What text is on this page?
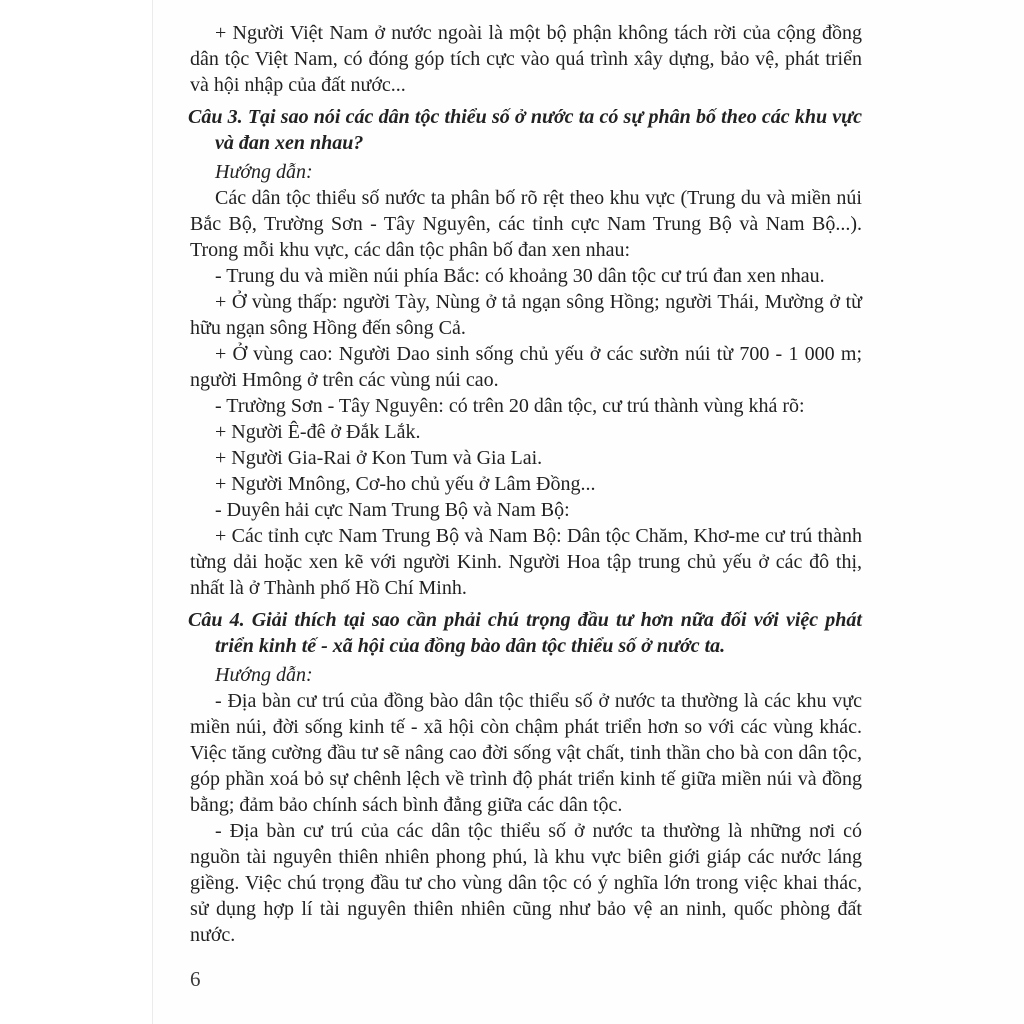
+ Người Việt Nam ở nước ngoài là một bộ phận không tách rời của cộng đồng dân tộc Việt Nam, có đóng góp tích cực vào quá trình xây dựng, bảo vệ, phát triển và hội nhập của đất nước...

Câu 3. Tại sao nói các dân tộc thiểu số ở nước ta có sự phân bố theo các khu vực và đan xen nhau?

Hướng dẫn:

Các dân tộc thiểu số nước ta phân bố rõ rệt theo khu vực (Trung du và miền núi Bắc Bộ, Trường Sơn - Tây Nguyên, các tỉnh cực Nam Trung Bộ và Nam Bộ...). Trong mỗi khu vực, các dân tộc phân bố đan xen nhau:

- Trung du và miền núi phía Bắc: có khoảng 30 dân tộc cư trú đan xen nhau.

+ Ở vùng thấp: người Tày, Nùng ở tả ngạn sông Hồng; người Thái, Mường ở từ hữu ngạn sông Hồng đến sông Cả.

+ Ở vùng cao: Người Dao sinh sống chủ yếu ở các sườn núi từ 700 - 1 000 m; người Hmông ở trên các vùng núi cao.

- Trường Sơn - Tây Nguyên: có trên 20 dân tộc, cư trú thành vùng khá rõ:

+ Người Ê-đê ở Đắk Lắk.

+ Người Gia-Rai ở Kon Tum và Gia Lai.

+ Người Mnông, Cơ-ho chủ yếu ở Lâm Đồng...

- Duyên hải cực Nam Trung Bộ và Nam Bộ:

+ Các tỉnh cực Nam Trung Bộ và Nam Bộ: Dân tộc Chăm, Khơ-me cư trú thành từng dải hoặc xen kẽ với người Kinh. Người Hoa tập trung chủ yếu ở các đô thị, nhất là ở Thành phố Hồ Chí Minh.

Câu 4. Giải thích tại sao cần phải chú trọng đầu tư hơn nữa đối với việc phát triển kinh tế - xã hội của đồng bào dân tộc thiểu số ở nước ta.

Hướng dẫn:

- Địa bàn cư trú của đồng bào dân tộc thiểu số ở nước ta thường là các khu vực miền núi, đời sống kinh tế - xã hội còn chậm phát triển hơn so với các vùng khác. Việc tăng cường đầu tư sẽ nâng cao đời sống vật chất, tinh thần cho bà con dân tộc, góp phần xoá bỏ sự chênh lệch về trình độ phát triển kinh tế giữa miền núi và đồng bằng; đảm bảo chính sách bình đẳng giữa các dân tộc.

- Địa bàn cư trú của các dân tộc thiểu số ở nước ta thường là những nơi có nguồn tài nguyên thiên nhiên phong phú, là khu vực biên giới giáp các nước láng giềng. Việc chú trọng đầu tư cho vùng dân tộc có ý nghĩa lớn trong việc khai thác, sử dụng hợp lí tài nguyên thiên nhiên cũng như bảo vệ an ninh, quốc phòng đất nước.

6
